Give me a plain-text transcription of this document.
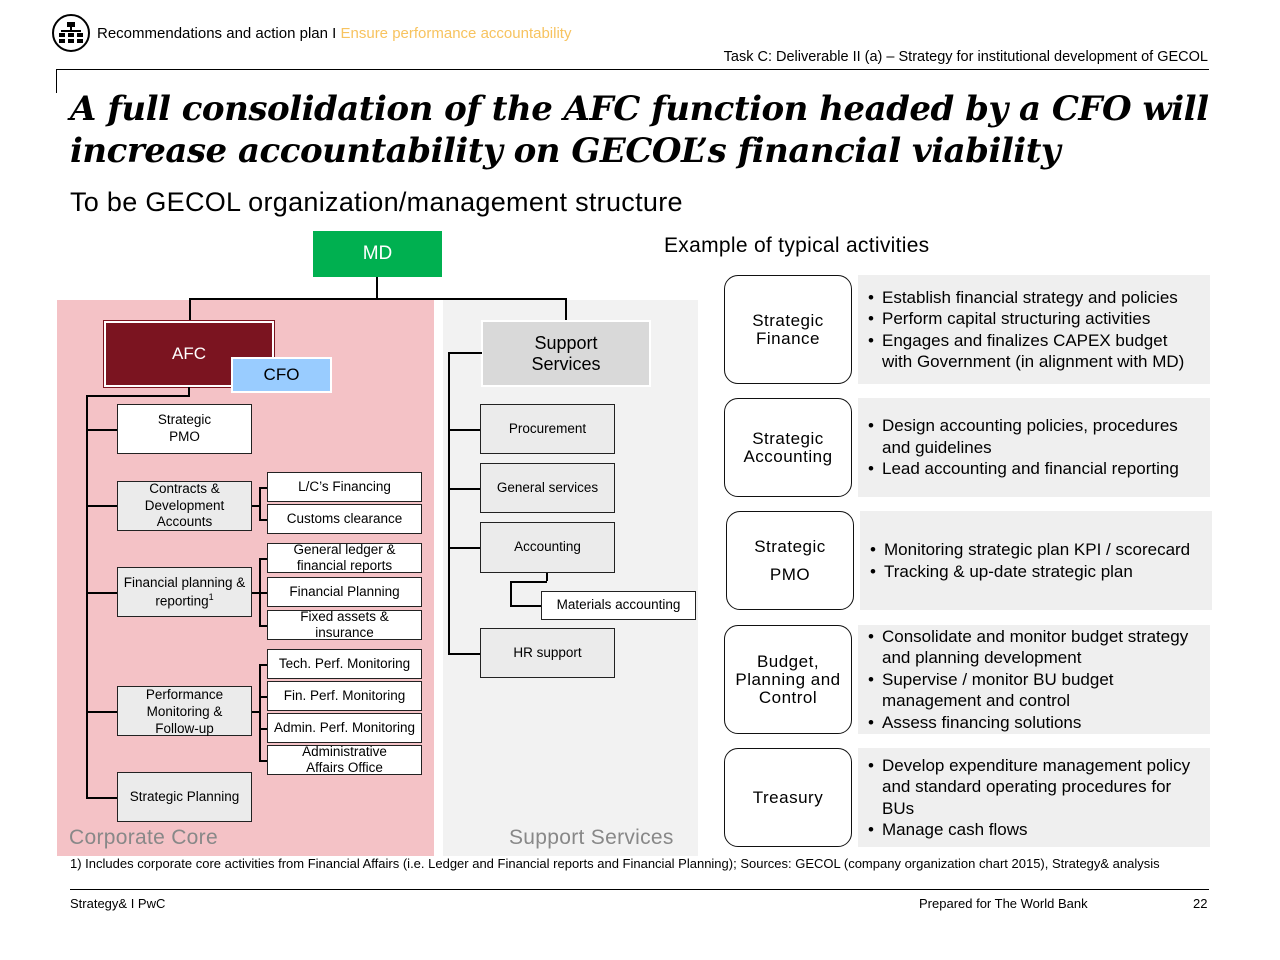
Recommendations and action plan I Ensure performance accountability
Task C: Deliverable II (a) – Strategy for institutional development of GECOL
A full consolidation of the AFC function headed by a CFO will increase accountability on GECOL’s financial viability
To be GECOL organization/management structure
Corporate Core	Support Services
MD
AFC
CFO
Support Services
Strategic PMO
Contracts & Development Accounts
L/C’s Financing
Customs clearance
Financial planning & reporting$^1$
General ledger & financial reports
Financial Planning
Fixed assets & insurance
Tech. Perf. Monitoring
Performance Monitoring & Follow-up
Fin. Perf. Monitoring
Admin. Perf. Monitoring
Administrative Affairs Office
Strategic Planning
Procurement
General services
Accounting
Materials accounting
HR support
Example of typical activities
Strategic Finance
• Establish financial strategy and policies
• Perform capital structuring activities
• Engages and finalizes CAPEX budget with Government (in alignment with MD)
Strategic Accounting
• Design accounting policies, procedures and guidelines
• Lead accounting and financial reporting
Strategic PMO
• Monitoring strategic plan KPI / scorecard
• Tracking & up-date strategic plan
Budget, Planning and Control
• Consolidate and monitor budget strategy and planning development
• Supervise / monitor BU budget management and control
• Assess financing solutions
Treasury
• Develop expenditure management policy and standard operating procedures for BUs
• Manage cash flows
1) Includes corporate core activities from Financial Affairs (i.e. Ledger and Financial reports and Financial Planning); Sources: GECOL (company organization chart 2015), Strategy& analysis
Strategy& I PwC	Prepared for The World Bank	22
